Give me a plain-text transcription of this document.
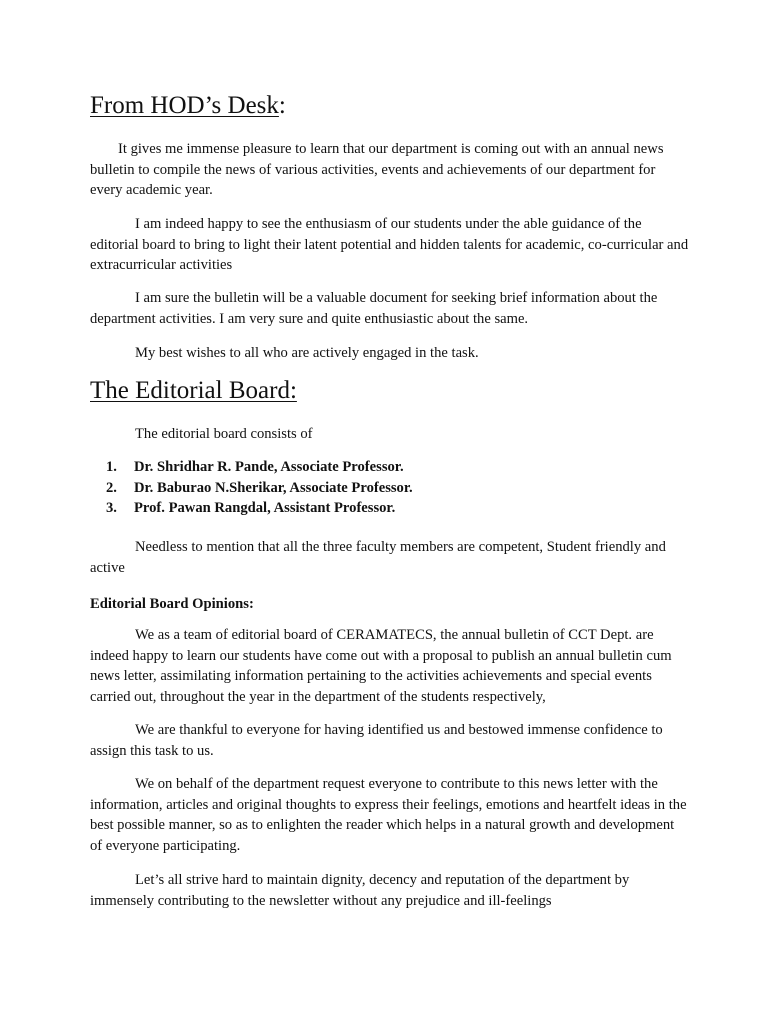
From HOD’s Desk:

It gives me immense pleasure to learn that our department is coming out with an annual news bulletin to compile the news of various activities, events and achievements of our department for every academic year.

I am indeed happy to see the enthusiasm of our students under the able guidance of the editorial board to bring to light their latent potential and hidden talents for academic, co-curricular and extracurricular activities

I am sure the bulletin will be a valuable document for seeking brief information about the department activities. I am very sure and quite enthusiastic about the same.

My best wishes to all who are actively engaged in the task.

The Editorial Board:

The editorial board consists of

1. Dr. Shridhar R. Pande, Associate Professor.
2. Dr. Baburao N.Sherikar, Associate Professor.
3. Prof. Pawan Rangdal, Assistant Professor.

Needless to mention that all the three faculty members are competent, Student friendly and active

Editorial Board Opinions:

We as a team of editorial board of CERAMATECS, the annual bulletin of CCT Dept. are indeed happy to learn our students have come out with a proposal to publish an annual bulletin cum news letter, assimilating information pertaining to the activities achievements and special events carried out, throughout the year in the department of the students respectively,

We are thankful to everyone for having identified us and bestowed immense confidence to assign this task to us.

We on behalf of the department request everyone to contribute to this news letter with the information, articles and original thoughts to express their feelings, emotions and heartfelt ideas in the best possible manner, so as to enlighten the reader which helps in a natural growth and development of everyone participating.

Let’s all strive hard to maintain dignity, decency and reputation of the department by immensely contributing to the newsletter without any prejudice and ill-feelings
